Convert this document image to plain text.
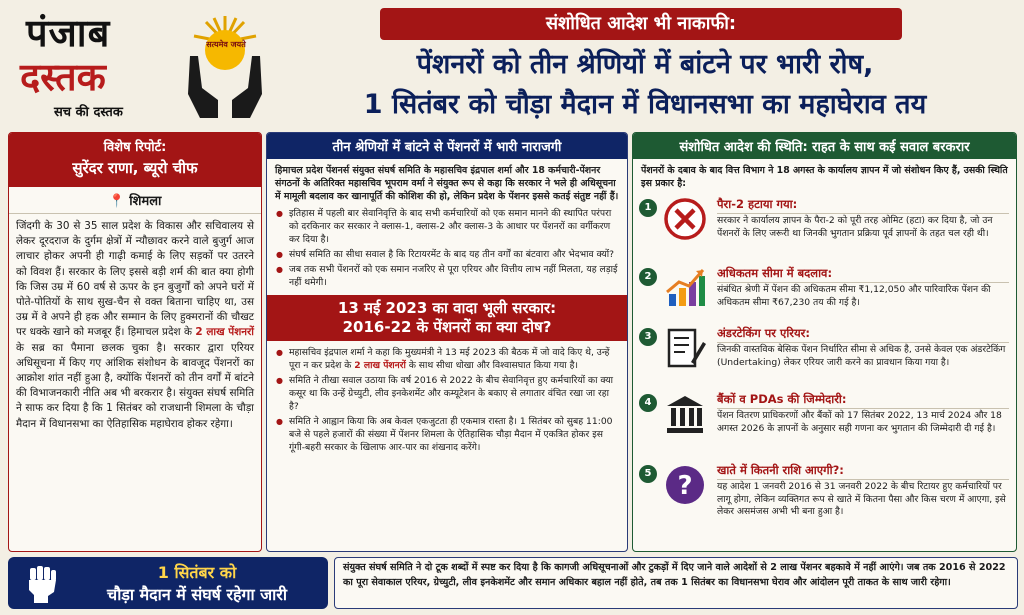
पंजाब
दस्तक
सच की दस्तक
सत्यमेव जयते
संशोधित आदेश भी नाकाफी:
पेंशनरों को तीन श्रेणियों में बांटने पर भारी रोष,
1 सितंबर को चौड़ा मैदान में विधानसभा का महाघेराव तय
विशेष रिपोर्ट:
सुरेंदर राणा, ब्यूरो चीफ
📍 शिमला
जिंदगी के 30 से 35 साल प्रदेश के विकास और सचिवालय से लेकर दूरदराज के दुर्गम क्षेत्रों में न्यौछावर करने वाले बुजुर्ग आज लाचार होकर अपनी ही गाढ़ी कमाई के लिए सड़कों पर उतरने को विवश हैं। सरकार के लिए इससे बड़ी शर्म की बात क्या होगी कि जिस उम्र में 60 वर्ष से ऊपर के इन बुजुर्गों को अपने घरों में पोते-पोतियों के साथ सुख-चैन से वक्त बिताना चाहिए था, उस उम्र में वे अपने ही हक और सम्मान के लिए हुक्मरानों की चौखट पर धक्के खाने को मजबूर हैं। हिमाचल प्रदेश के 2 लाख पेंशनरों के सब्र का पैमाना छलक चुका है। सरकार द्वारा एरियर अधिसूचना में किए गए आंशिक संशोधन के बावजूद पेंशनरों का आक्रोश शांत नहीं हुआ है, क्योंकि पेंशनरों को तीन वर्गों में बांटने की विभाजनकारी नीति अब भी बरकरार है। संयुक्त संघर्ष समिति ने साफ कर दिया है कि 1 सितंबर को राजधानी शिमला के चौड़ा मैदान में विधानसभा का ऐतिहासिक महाघेराव होकर रहेगा।
तीन श्रेणियों में बांटने से पेंशनरों में भारी नाराजगी
हिमाचल प्रदेश पेंशनर्स संयुक्त संघर्ष समिति के महासचिव इंद्रपाल शर्मा और 18 कर्मचारी-पेंशनर संगठनों के अतिरिक्त महासचिव भूपराम वर्मा ने संयुक्त रूप से कहा कि सरकार ने भले ही अधिसूचना में मामूली बदलाव कर खानापूर्ति की कोशिश की हो, लेकिन प्रदेश के पेंशनर इससे कतई संतुष्ट नहीं हैं।
● इतिहास में पहली बार सेवानिवृत्ति के बाद सभी कर्मचारियों को एक समान मानने की स्थापित परंपरा को दरकिनार कर सरकार ने क्लास-1, क्लास-2 और क्लास-3 के आधार पर पेंशनरों का वर्गीकरण कर दिया है।
● संघर्ष समिति का सीधा सवाल है कि रिटायरमेंट के बाद यह तीन वर्गों का बंटवारा और भेदभाव क्यों?
● जब तक सभी पेंशनरों को एक समान नजरिए से पूरा एरियर और वित्तीय लाभ नहीं मिलता, यह लड़ाई नहीं थमेगी।
13 मई 2023 का वादा भूली सरकार:
2016-22 के पेंशनरों का क्या दोष?
● महासचिव इंद्रपाल शर्मा ने कहा कि मुख्यमंत्री ने 13 मई 2023 की बैठक में जो वादे किए थे, उन्हें पूरा न कर प्रदेश के 2 लाख पेंशनरों के साथ सीधा धोखा और विश्वासघात किया गया है।
● समिति ने तीखा सवाल उठाया कि वर्ष 2016 से 2022 के बीच सेवानिवृत्त हुए कर्मचारियों का क्या कसूर था कि उन्हें ग्रेच्युटी, लीव इनकेशमेंट और कम्यूटेशन के बकाए से लगातार वंचित रखा जा रहा है?
● समिति ने आह्वान किया कि अब केवल एकजुटता ही एकमात्र रास्ता है। 1 सितंबर को सुबह 11:00 बजे से पहले हजारों की संख्या में पेंशनर शिमला के ऐतिहासिक चौड़ा मैदान में एकत्रित होकर इस गूंगी-बहरी सरकार के खिलाफ आर-पार का शंखनाद करेंगे।
संशोधित आदेश की स्थिति: राहत के साथ कई सवाल बरकरार
पेंशनरों के दबाव के बाद वित्त विभाग ने 18 अगस्त के कार्यालय ज्ञापन में जो संशोधन किए हैं, उसकी स्थिति इस प्रकार है:
1	पैरा-2 हटाया गया:
सरकार ने कार्यालय ज्ञापन के पैरा-2 को पूरी तरह ओमिट (हटा) कर दिया है, जो उन पेंशनरों के लिए जरूरी था जिनकी भुगतान प्रक्रिया पूर्व ज्ञापनों के तहत चल रही थी।
2	अधिकतम सीमा में बदलाव:
संबंधित श्रेणी में पेंशन की अधिकतम सीमा ₹1,12,050 और पारिवारिक पेंशन की अधिकतम सीमा ₹67,230 तय की गई है।
3	अंडरटेकिंग पर एरियर:
जिनकी वास्तविक बेसिक पेंशन निर्धारित सीमा से अधिक है, उनसे केवल एक अंडरटेकिंग (Undertaking) लेकर एरियर जारी करने का प्रावधान किया गया है।
4	बैंकों व PDAs की जिम्मेदारी:
पेंशन वितरण प्राधिकरणों और बैंकों को 17 सितंबर 2022, 13 मार्च 2024 और 18 अगस्त 2026 के ज्ञापनों के अनुसार सही गणना कर भुगतान की जिम्मेदारी दी गई है।
5 ?
खाते में कितनी राशि आएगी?:
यह आदेश 1 जनवरी 2016 से 31 जनवरी 2022 के बीच रिटायर हुए कर्मचारियों पर लागू होगा, लेकिन व्यक्तिगत रूप से खाते में कितना पैसा और किस चरण में आएगा, इसे लेकर असमंजस अभी भी बना हुआ है।
1 सितंबर को
चौड़ा मैदान में संघर्ष रहेगा जारी
संयुक्त संघर्ष समिति ने दो टूक शब्दों में स्पष्ट कर दिया है कि कागजी अधिसूचनाओं और टुकड़ों में दिए जाने वाले आदेशों से 2 लाख पेंशनर बहकावे में नहीं आएंगे। जब तक 2016 से 2022 का पूरा सेवाकाल एरियर, ग्रेच्युटी, लीव इनकेशमेंट और समान अधिकार बहाल नहीं होते, तब तक 1 सितंबर का विधानसभा घेराव और आंदोलन पूरी ताकत के साथ जारी रहेगा।
